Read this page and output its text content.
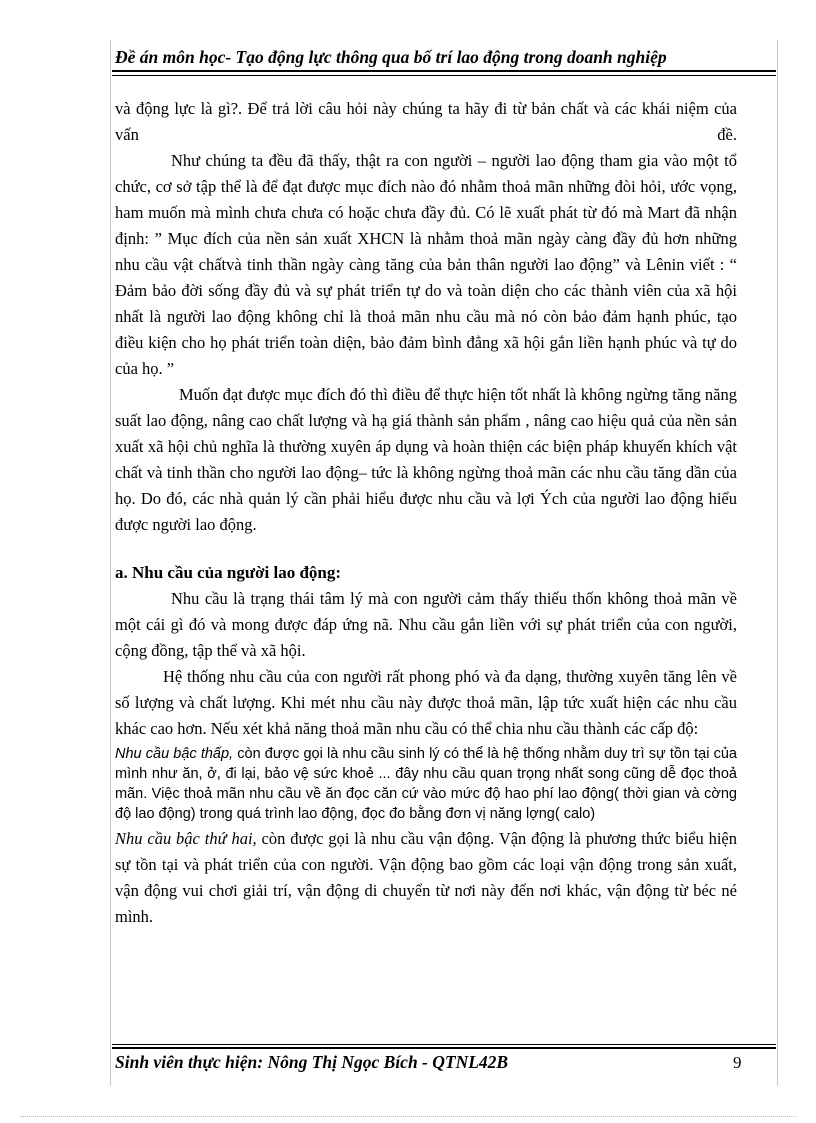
Đề án môn học- Tạo động lực thông qua bố trí lao động trong doanh nghiệp

và động lực là gì?. Để trả lời câu hỏi này chúng ta hãy đi từ bản chất và các khái niệm của vấn đề.

Như chúng ta đều đã thấy, thật ra con người – người lao động tham gia vào một tổ chức, cơ sở tập thể là để đạt được mục đích nào đó nhằm thoả mãn những đòi hỏi, ước vọng, ham muốn mà mình chưa chưa có hoặc chưa đầy đủ. Có lẽ xuất phát từ đó mà Mart đã nhận định: ” Mục đích của nền sản xuất XHCN là nhằm thoả mãn ngày càng đầy đủ hơn những nhu cầu vật chấtvà tinh thần ngày càng tăng của bản thân người lao động” và Lênin viết : “ Đảm bảo đời sống đầy đủ và sự phát triển tự do và toàn diện cho các thành viên của xã hội nhất là người lao động không chỉ là thoả mãn nhu cầu mà nó còn bảo đảm hạnh phúc, tạo điều kiện cho họ phát triển toàn diện, bảo đảm bình đẳng xã hội gắn liền hạnh phúc và tự do của họ. ”

Muốn đạt được mục đích đó thì điều để thực hiện tốt nhất là không ngừng tăng năng suất lao động, nâng cao chất lượng và hạ giá thành sản phẩm , nâng cao hiệu quả của nền sản xuất xã hội chủ nghĩa là thường xuyên áp dụng và hoàn thiện các biện pháp khuyến khích vật chất và tinh thần cho người lao động– tức là không ngừng thoả mãn các nhu cầu tăng dần của họ. Do đó, các nhà quản lý cần phải hiểu được nhu cầu và lợi Ých của người lao động hiểu được người lao động.

a. Nhu cầu của người lao động:

Nhu cầu là trạng thái tâm lý mà con người cảm thấy thiếu thốn không thoả mãn về một cái gì đó và mong được đáp ứng nã. Nhu cầu gắn liền với sự phát triển của con người, cộng đồng, tập thể và xã hội.

Hệ thống nhu cầu của con người rất phong phó và đa dạng, thường xuyên tăng lên về số lượng và chất lượng. Khi mét nhu cầu này được thoả mãn, lập tức xuất hiện các nhu cầu khác cao hơn. Nếu xét khả năng thoả mãn nhu cầu có thể chia nhu cầu thành các cấp độ:

Nhu cầu bậc thấp, còn được gọi là nhu cầu sinh lý có thể là hệ thống nhằm duy trì sự tồn tại của mình như ăn, ở, đi lại, bảo vệ sức khoẻ ... đây nhu cầu quan trọng nhất song cũng dễ đọc thoả mãn. Việc thoả mãn nhu cầu về ăn đọc căn cứ vào mức độ hao phí lao động( thời gian và cờng độ lao động) trong quá trình lao động, đọc đo bằng đơn vị năng lợng( calo)

Nhu cầu bậc thứ hai, còn được gọi là nhu cầu vận động. Vận động là phương thức biểu hiện sự tồn tại và phát triển của con người. Vận động bao gồm các loại vận động trong sản xuất, vận động vui chơi giải trí, vận động di chuyển từ nơi này đến nơi khác, vận động từ béc né mình.

Sinh viên thực hiện: Nông Thị Ngọc Bích - QTNL42B	9
